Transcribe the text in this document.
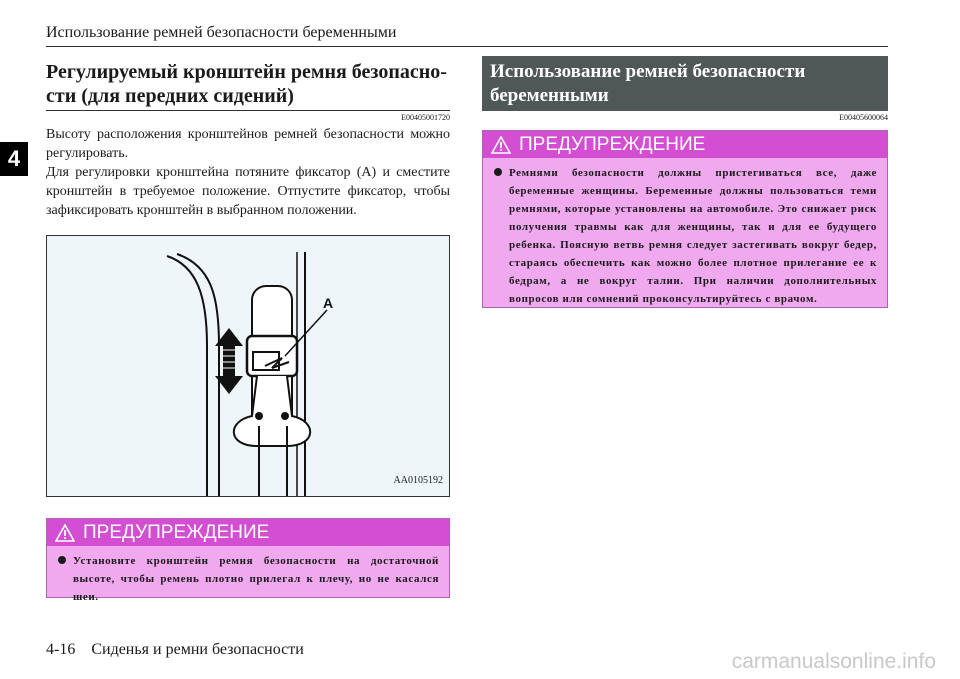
Использование ремней безопасности беременными
4
Регулируемый кронштейн ремня безопасно-сти (для передних сидений)
E00405001720
Высоту расположения кронштейнов ремней безопасности можно регулировать.
Для регулировки кронштейна потяните фиксатор (A) и сместите кронштейн в требуемое положение. Отпустите фиксатор, чтобы зафиксировать кронштейн в выбранном положении.
A
AA0105192
ПРЕДУПРЕЖДЕНИЕ
Установите кронштейн ремня безопасности на достаточной высоте, чтобы ремень плотно прилегал к плечу, но не касался шеи.
Использование ремней безопасности беременными
E00405600064
ПРЕДУПРЕЖДЕНИЕ
Ремнями безопасности должны пристегиваться все, даже беременные женщины. Беременные должны пользоваться теми ремнями, которые установлены на автомобиле. Это снижает риск получения травмы как для женщины, так и для ее будущего ребенка. Поясную ветвь ремня следует застегивать вокруг бедер, стараясь обеспечить как можно более плотное прилегание ее к бедрам, а не вокруг талии. При наличии дополнительных вопросов или сомнений проконсультируйтесь с врачом.
4-16 Сиденья и ремни безопасности
carmanualsonline.info
